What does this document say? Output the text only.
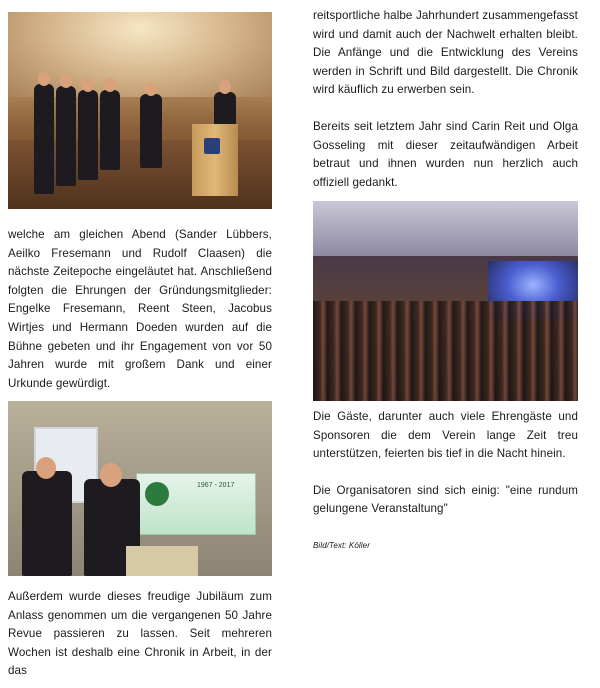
1967 - 2017

welche am gleichen Abend (Sander Lübbers, Aeilko Fresemann und Rudolf Claasen) die nächste Zeitepoche eingeläutet hat. Anschließend folgten die Ehrungen der Gründungsmitglieder: Engelke Fresemann, Reent Steen, Jacobus Wirtjes und Hermann Doeden wurden auf die Bühne gebeten und ihr Engagement von vor 50 Jahren wurde mit großem Dank und einer Urkunde gewürdigt.

Außerdem wurde dieses freudige Jubiläum zum Anlass genommen um die vergangenen 50 Jahre Revue passieren zu lassen. Seit mehreren Wochen ist deshalb eine Chronik in Arbeit, in der das

reitsportliche halbe Jahrhundert zusammengefasst wird und damit auch der Nachwelt erhalten bleibt. Die Anfänge und die Entwicklung des Vereins werden in Schrift und Bild dargestellt. Die Chronik wird käuflich zu erwerben sein.

Bereits seit letztem Jahr sind Carin Reit und Olga Gosseling mit dieser zeitaufwändigen Arbeit betraut und ihnen wurden nun herzlich auch offiziell gedankt.

Die Gäste, darunter auch viele Ehrengäste und Sponsoren die dem Verein lange Zeit treu unterstützen, feierten bis tief in die Nacht hinein.

Die Organisatoren sind sich einig: "eine rundum gelungene Veranstaltung"

Bild/Text: Köller
